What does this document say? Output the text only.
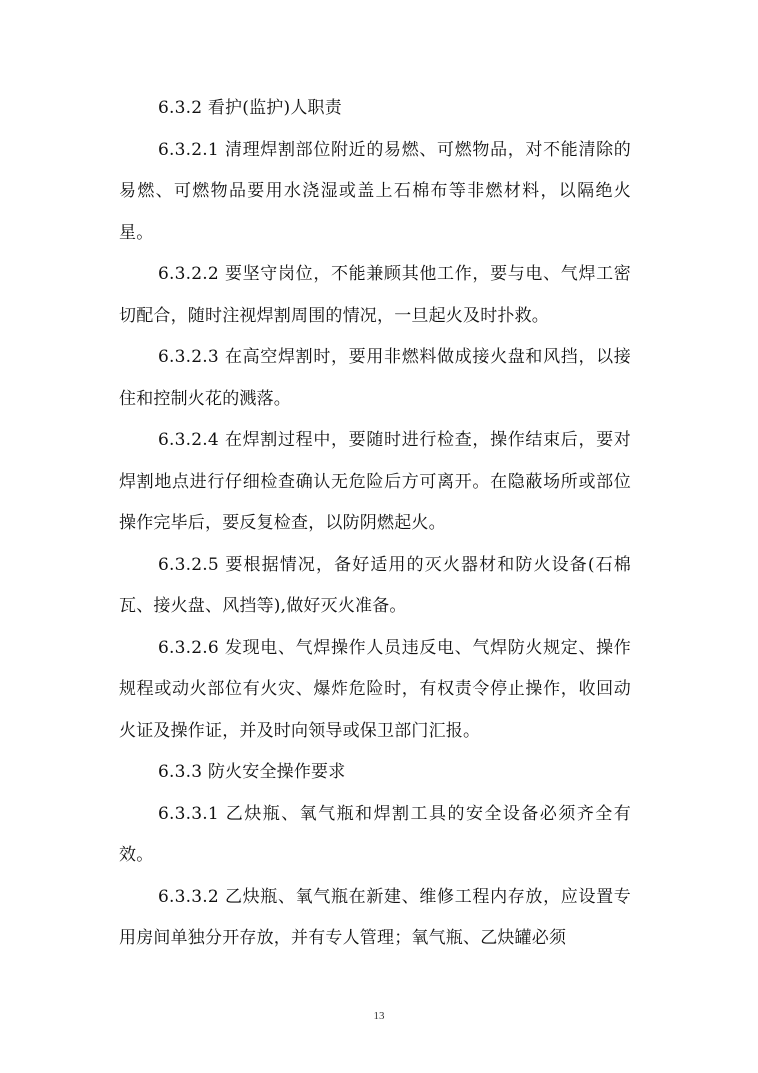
6.3.2 看护(监护)人职责

6.3.2.1 清理焊割部位附近的易燃、可燃物品，对不能清除的易燃、可燃物品要用水浇湿或盖上石棉布等非燃材料，以隔绝火星。

6.3.2.2 要坚守岗位，不能兼顾其他工作，要与电、气焊工密切配合，随时注视焊割周围的情况，一旦起火及时扑救。

6.3.2.3 在高空焊割时，要用非燃料做成接火盘和风挡，以接住和控制火花的溅落。

6.3.2.4 在焊割过程中，要随时进行检查，操作结束后，要对焊割地点进行仔细检查确认无危险后方可离开。在隐蔽场所或部位操作完毕后，要反复检查，以防阴燃起火。

6.3.2.5 要根据情况，备好适用的灭火器材和防火设备(石棉瓦、接火盘、风挡等),做好灭火准备。

6.3.2.6 发现电、气焊操作人员违反电、气焊防火规定、操作规程或动火部位有火灾、爆炸危险时，有权责令停止操作，收回动火证及操作证，并及时向领导或保卫部门汇报。

6.3.3 防火安全操作要求

6.3.3.1 乙炔瓶、氧气瓶和焊割工具的安全设备必须齐全有效。

6.3.3.2 乙炔瓶、氧气瓶在新建、维修工程内存放，应设置专用房间单独分开存放，并有专人管理；氧气瓶、乙炔罐必须

13
